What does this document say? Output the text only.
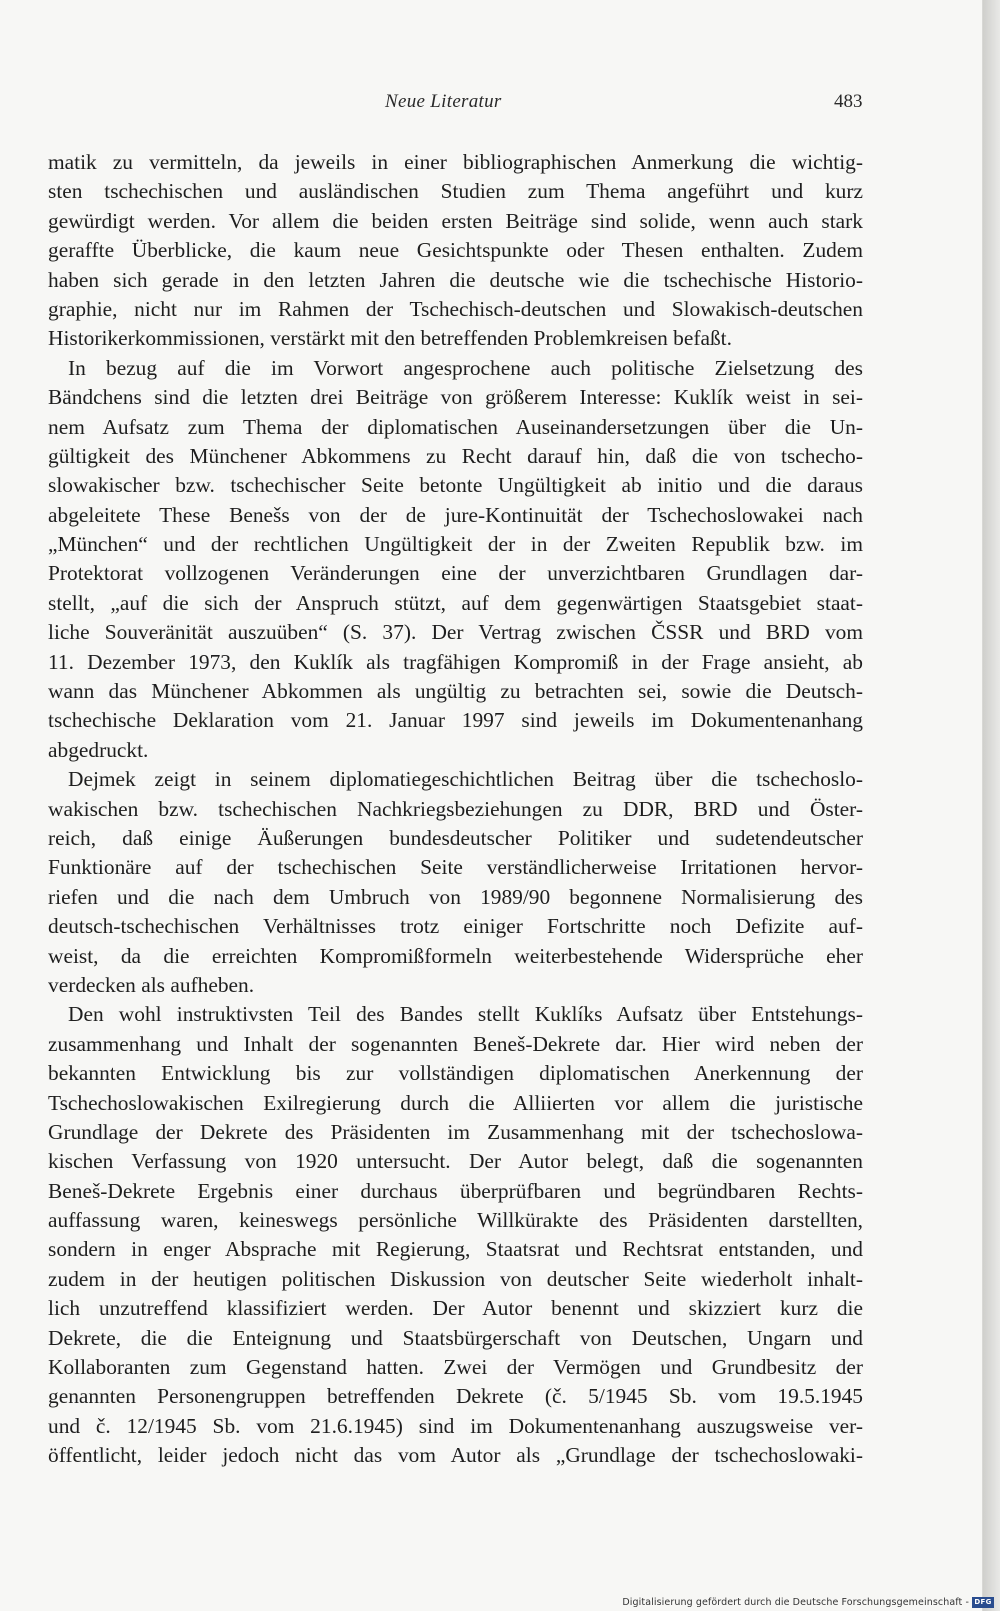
Neue Literatur	483
matik zu vermitteln, da jeweils in einer bibliographischen Anmerkung die wichtig-
sten tschechischen und ausländischen Studien zum Thema angeführt und kurz
gewürdigt werden. Vor allem die beiden ersten Beiträge sind solide, wenn auch stark
geraffte Überblicke, die kaum neue Gesichtspunkte oder Thesen enthalten. Zudem
haben sich gerade in den letzten Jahren die deutsche wie die tschechische Historio-
graphie, nicht nur im Rahmen der Tschechisch-deutschen und Slowakisch-deutschen
Historikerkommissionen, verstärkt mit den betreffenden Problemkreisen befaßt.
In bezug auf die im Vorwort angesprochene auch politische Zielsetzung des
Bändchens sind die letzten drei Beiträge von größerem Interesse: Kuklík weist in sei-
nem Aufsatz zum Thema der diplomatischen Auseinandersetzungen über die Un-
gültigkeit des Münchener Abkommens zu Recht darauf hin, daß die von tschecho-
slowakischer bzw. tschechischer Seite betonte Ungültigkeit ab initio und die daraus
abgeleitete These Benešs von der de jure-Kontinuität der Tschechoslowakei nach
„München“ und der rechtlichen Ungültigkeit der in der Zweiten Republik bzw. im
Protektorat vollzogenen Veränderungen eine der unverzichtbaren Grundlagen dar-
stellt, „auf die sich der Anspruch stützt, auf dem gegenwärtigen Staatsgebiet staat-
liche Souveränität auszuüben“ (S. 37). Der Vertrag zwischen ČSSR und BRD vom
11. Dezember 1973, den Kuklík als tragfähigen Kompromiß in der Frage ansieht, ab
wann das Münchener Abkommen als ungültig zu betrachten sei, sowie die Deutsch-
tschechische Deklaration vom 21. Januar 1997 sind jeweils im Dokumentenanhang
abgedruckt.
Dejmek zeigt in seinem diplomatiegeschichtlichen Beitrag über die tschechoslo-
wakischen bzw. tschechischen Nachkriegsbeziehungen zu DDR, BRD und Öster-
reich, daß einige Äußerungen bundesdeutscher Politiker und sudetendeutscher
Funktionäre auf der tschechischen Seite verständlicherweise Irritationen hervor-
riefen und die nach dem Umbruch von 1989/90 begonnene Normalisierung des
deutsch-tschechischen Verhältnisses trotz einiger Fortschritte noch Defizite auf-
weist, da die erreichten Kompromißformeln weiterbestehende Widersprüche eher
verdecken als aufheben.
Den wohl instruktivsten Teil des Bandes stellt Kuklíks Aufsatz über Entstehungs-
zusammenhang und Inhalt der sogenannten Beneš-Dekrete dar. Hier wird neben der
bekannten Entwicklung bis zur vollständigen diplomatischen Anerkennung der
Tschechoslowakischen Exilregierung durch die Alliierten vor allem die juristische
Grundlage der Dekrete des Präsidenten im Zusammenhang mit der tschechoslowa-
kischen Verfassung von 1920 untersucht. Der Autor belegt, daß die sogenannten
Beneš-Dekrete Ergebnis einer durchaus überprüfbaren und begründbaren Rechts-
auffassung waren, keineswegs persönliche Willkürakte des Präsidenten darstellten,
sondern in enger Absprache mit Regierung, Staatsrat und Rechtsrat entstanden, und
zudem in der heutigen politischen Diskussion von deutscher Seite wiederholt inhalt-
lich unzutreffend klassifiziert werden. Der Autor benennt und skizziert kurz die
Dekrete, die die Enteignung und Staatsbürgerschaft von Deutschen, Ungarn und
Kollaboranten zum Gegenstand hatten. Zwei der Vermögen und Grundbesitz der
genannten Personengruppen betreffenden Dekrete (č. 5/1945 Sb. vom 19.5.1945
und č. 12/1945 Sb. vom 21.6.1945) sind im Dokumentenanhang auszugsweise ver-
öffentlicht, leider jedoch nicht das vom Autor als „Grundlage der tschechoslowaki-
Digitalisierung gefördert durch die Deutsche Forschungsgemeinschaft - DFG
